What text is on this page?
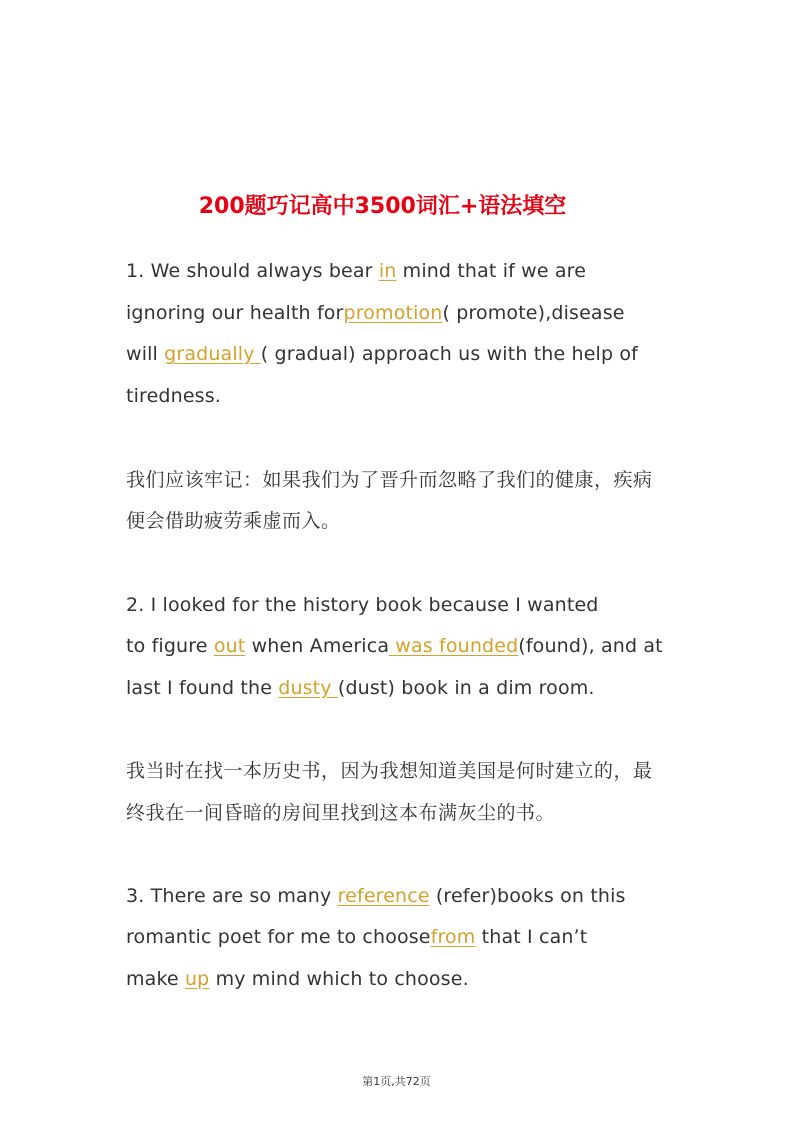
200题巧记高中3500词汇+语法填空

1. We should always bear in mind that if we are

ignoring our health forpromotion( promote),disease

will gradually ( gradual) approach us with the help of

tiredness.

我们应该牢记：如果我们为了晋升而忽略了我们的健康，疾病

便会借助疲劳乘虚而入。

2. I looked for the history book because I wanted

to figure out when America was founded(found), and at

last I found the dusty (dust) book in a dim room.

我当时在找一本历史书，因为我想知道美国是何时建立的，最

终我在一间昏暗的房间里找到这本布满灰尘的书。

3. There are so many reference (refer)books on this

romantic poet for me to choosefrom that I can’t

make up my mind which to choose.

第1页,共72页
